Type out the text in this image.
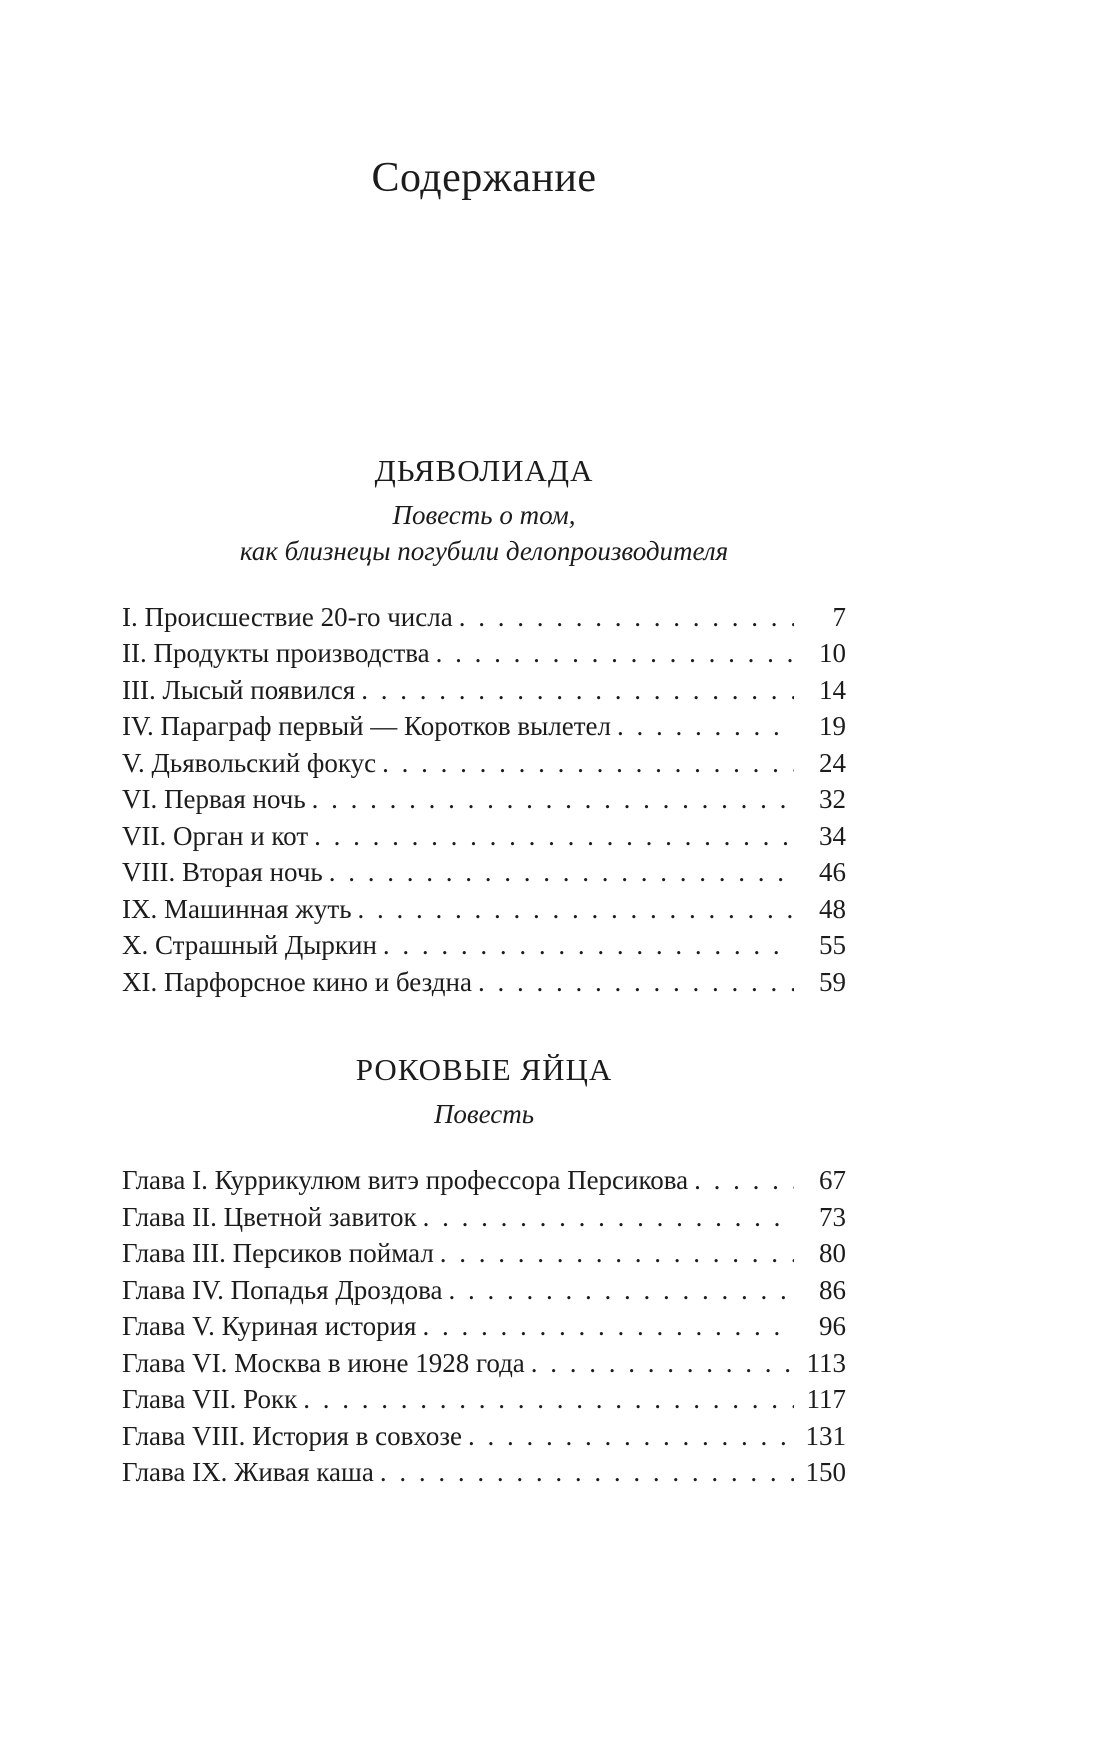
Содержание
ДЬЯВОЛИАДА
Повесть о том,
как близнецы погубили делопроизводителя
I. Происшествие 20-го числа . . .	7
II. Продукты производства . . .	10
III. Лысый появился . . .	14
IV. Параграф первый — Коротков вылетел . . .	19
V. Дьявольский фокус . . .	24
VI. Первая ночь . . .	32
VII. Орган и кот . . .	34
VIII. Вторая ночь . . .	46
IX. Машинная жуть . . .	48
X. Страшный Дыркин . . .	55
XI. Парфорсное кино и бездна . . .	59
РОКОВЫЕ ЯЙЦА
Повесть
Глава I. Куррикулюм витэ профессора Персикова . . .	67
Глава II. Цветной завиток . . .	73
Глава III. Персиков поймал . . .	80
Глава IV. Попадья Дроздова . . .	86
Глава V. Куриная история . . .	96
Глава VI. Москва в июне 1928 года . . .	113
Глава VII. Рокк . . .	117
Глава VIII. История в совхозе . . .	131
Глава IX. Живая каша . . .	150
